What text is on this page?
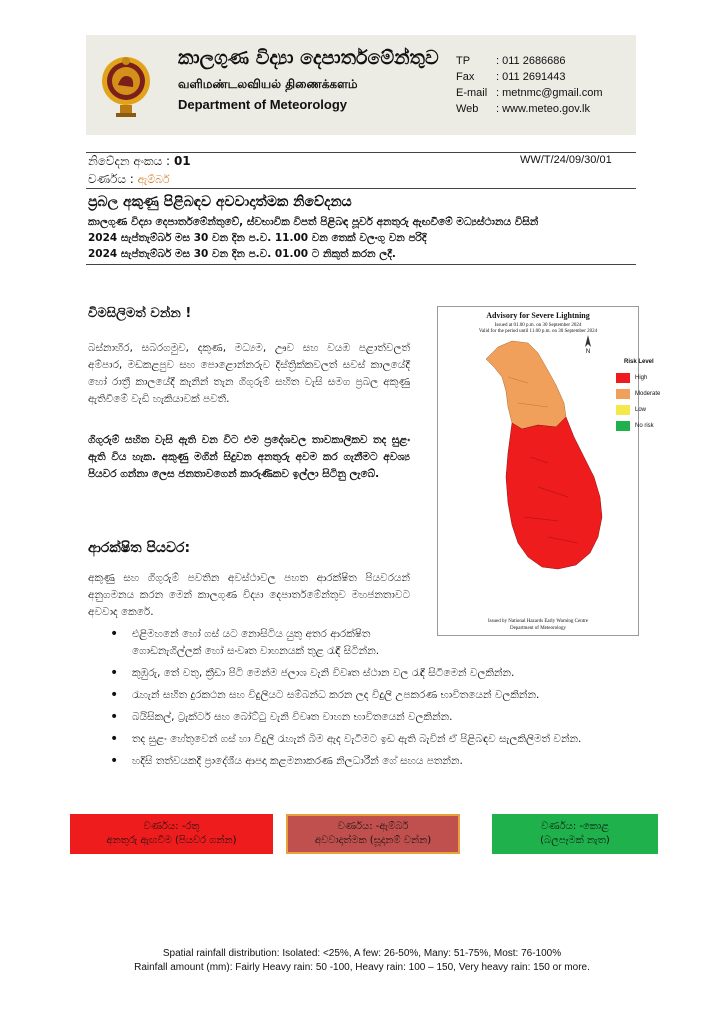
කාලගුණ විද්‍යා දෙපාර්තමේන්තුව
வளிமண்டலவியல் திணைக்களம்
Department of Meteorology
TP	: 011 2686686
Fax	: 011 2691443
E-mail : metnmc@gmail.com
Web	: www.meteo.gov.lk
නිවේදන අංකය : 01	WW/T/24/09/30/01
වර්ණය : ඇම්බර්
ප්‍රබල අකුණු පිළිබඳව අවවාදාත්මක නිවේදනය
කාලගුණ විද්‍යා දෙපාර්තමේන්තුවේ, ස්වභාවික විපත් පිළිබඳ පූර්ව අනතුරු ඇඟවීමේ මධ්‍යස්ථානය විසින්
2024 සැප්තැම්බර් මස 30 වන දින ප.ව. 11.00 වන තෙක් වලංගු වන පරිදි
2024 සැප්තැම්බර් මස 30 වන දින ප.ව. 01.00 ට නිකුත් කරන ලදී.
විමසිලිමත් වන්න !
බස්නාහිර, සබරගමුව, දකුණ, මධ්‍යම, ඌව සහ වයඹ පළාත්වලත් අම්පාර, මඩකළපුව සහ පොළොන්නරුව දිස්ත්‍රික්කවලත් සවස් කාලයේදී හෝ රාත්‍රී කාලයේදී කැනින් තැන ගිගුරුම් සහිත වැසි සමග ප්‍රබල අකුණු ඇතිවීමේ වැඩි හැකියාවක් පවතී.
ගිගුරුම් සහිත වැසි ඇති වන විට එම ප්‍රදේශවල තාවකාලිකව තද සුළං ඇති විය හැක. අකුණු මගින් සිදුවන අනතුරු අවම කර ගැනීමට අවශ්‍ය පියවර ගන්නා ලෙස ජනතාවගෙන් කාරුණිකව ඉල්ලා සිටිනු ලැබේ.
ආරක්ෂිත පියවර:
අකුණු සහ ගිගුරුම් පවතින අවස්ථාවල පහත ආරක්ෂිත පියවරයන් අනුගමනය කරන මෙන් කාලගුණ විද්‍යා දෙපාර්තමේන්තුව මහජනතාවට අවවාද කෙරේ.
• එළිමහනේ හෝ ගස් යට නොසිටිය යුතු අතර ආරක්ෂිත ගොඩනැගිල්ලක් හෝ සංවෘත වාහනයක් තුළ රැඳී සිටින්න.
• කුඹුරු, තේ වතු, ක්‍රීඩා පිටි මෙන්ම ජලාශ වැනි විවෘත ස්ථාන වල රැඳී සිටීමෙන් වලකින්න.
• රැහැන් සහිත දුරකථන සහ විදුලියට සම්බන්ධ කරන ලද විදුලි උපකරණ භාවිතයෙන් වලකින්න.
• බයිසිකල්, ට්‍රැක්ටර් සහ බෝට්ටු වැනි විවෘත වාහන භාවිතයෙන් වලකින්න.
• තද සුළං හේතුවෙන් ගස් හා විදුලි රැහැන් බිම ඇද වැටීමට ඉඩ ඇති බැවින් ඒ පිළිබඳව සැලකිලිමත් වන්න.
• හදිසි තත්වයකදී ප්‍රාදේශීය ආපදා කළමනාකරණ නිලධාරීන් ගේ සහය පතන්න.
Advisory for Severe Lightning
Issued at 01.00 p.m. on 30 September 2024
Valid for the period until 11.00 p.m. on 30 September 2024
N
Risk Level
High
Moderate
Low
No risk
Issued by National Hazards Early Warning Centre
Department of Meteorology
වර්ණය: -රතු
අනතුරු ඇඟවීම (පියවර ගන්න)
වර්ණය: -ඇම්බර්
අවවාදාත්මක (සූදානම් වන්න)
වර්ණය: -කොළ
(බලපෑමක් නැත)
Spatial rainfall distribution: Isolated: <25%, A few: 26-50%, Many: 51-75%, Most: 76-100%
Rainfall amount (mm): Fairly Heavy rain: 50 -100, Heavy rain: 100 – 150, Very heavy rain: 150 or more.
